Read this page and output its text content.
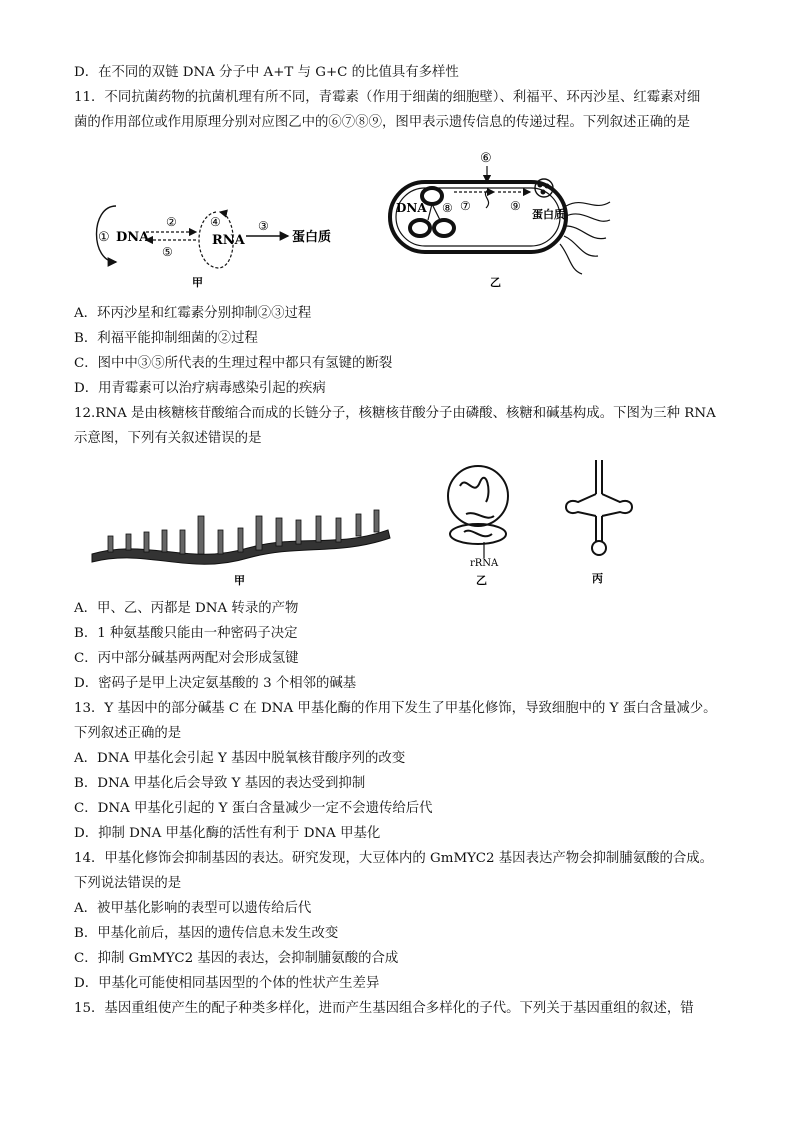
D．在不同的双链 DNA 分子中 A+T 与 G+C 的比值具有多样性
11．不同抗菌药物的抗菌机理有所不同，青霉素（作用于细菌的细胞壁）、利福平、环丙沙星、红霉素对细
菌的作用部位或作用原理分别对应图乙中的⑥⑦⑧⑨，图甲表示遗传信息的传递过程。下列叙述正确的是
① DNA
②
⑤
④
RNA
③
蛋白质
甲
⑥
DNA ⑧ ⑦	⑨
蛋白质
乙
A．环丙沙星和红霉素分别抑制②③过程
B．利福平能抑制细菌的②过程
C．图中中③⑤所代表的生理过程中都只有氢键的断裂
D．用青霉素可以治疗病毒感染引起的疾病
12.RNA 是由核糖核苷酸缩合而成的长链分子，核糖核苷酸分子由磷酸、核糖和碱基构成。下图为三种 RNA
示意图，下列有关叙述错误的是
甲
rRNA
乙	丙
A．甲、乙、丙都是 DNA 转录的产物
B．1 种氨基酸只能由一种密码子决定
C．丙中部分碱基两两配对会形成氢键
D．密码子是甲上决定氨基酸的 3 个相邻的碱基
13．Y 基因中的部分碱基 C 在 DNA 甲基化酶的作用下发生了甲基化修饰，导致细胞中的 Y 蛋白含量减少。
下列叙述正确的是
A．DNA 甲基化会引起 Y 基因中脱氧核苷酸序列的改变
B．DNA 甲基化后会导致 Y 基因的表达受到抑制
C．DNA 甲基化引起的 Y 蛋白含量减少一定不会遗传给后代
D．抑制 DNA 甲基化酶的活性有利于 DNA 甲基化
14．甲基化修饰会抑制基因的表达。研究发现，大豆体内的 GmMYC2 基因表达产物会抑制脯氨酸的合成。
下列说法错误的是
A．被甲基化影响的表型可以遗传给后代
B．甲基化前后，基因的遗传信息未发生改变
C．抑制 GmMYC2 基因的表达，会抑制脯氨酸的合成
D．甲基化可能使相同基因型的个体的性状产生差异
15．基因重组使产生的配子种类多样化，进而产生基因组合多样化的子代。下列关于基因重组的叙述，错
